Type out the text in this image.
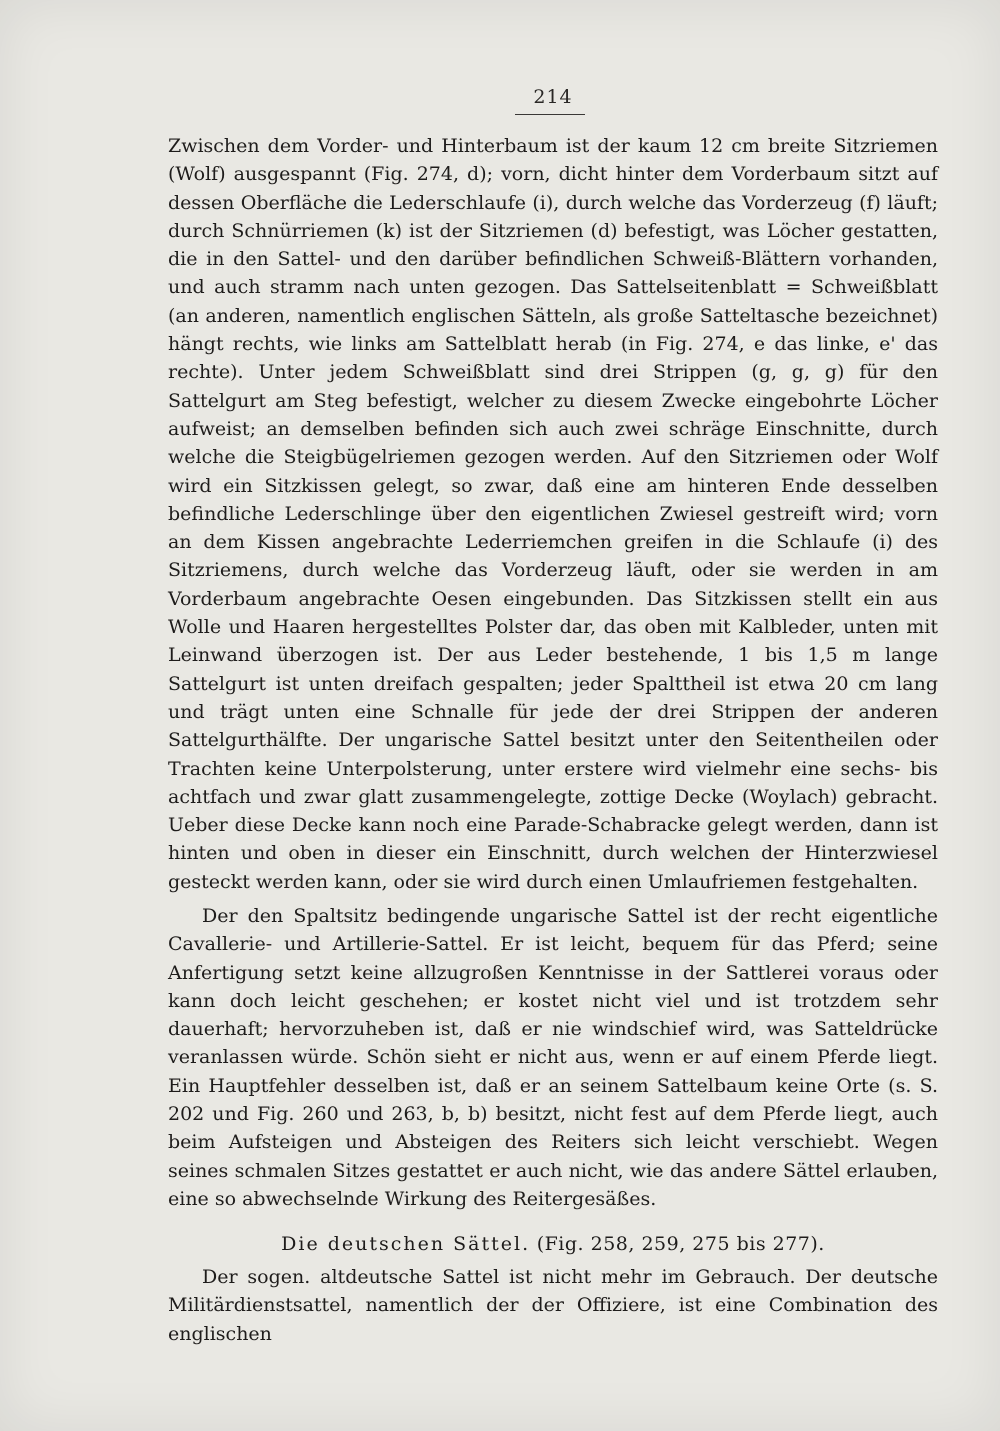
214

Zwischen dem Vorder- und Hinterbaum ist der kaum 12 cm breite Sitzriemen (Wolf) ausgespannt (Fig. 274, d); vorn, dicht hinter dem Vorderbaum sitzt auf dessen Oberfläche die Lederschlaufe (i), durch welche das Vorderzeug (f) läuft; durch Schnürriemen (k) ist der Sitzriemen (d) befestigt, was Löcher gestatten, die in den Sattel- und den darüber befindlichen Schweiß-Blättern vorhanden, und auch stramm nach unten gezogen. Das Sattelseitenblatt = Schweißblatt (an anderen, namentlich englischen Sätteln, als große Satteltasche bezeichnet) hängt rechts, wie links am Sattelblatt herab (in Fig. 274, e das linke, e' das rechte). Unter jedem Schweißblatt sind drei Strippen (g, g, g) für den Sattelgurt am Steg befestigt, welcher zu diesem Zwecke eingebohrte Löcher aufweist; an demselben befinden sich auch zwei schräge Einschnitte, durch welche die Steigbügelriemen gezogen werden. Auf den Sitzriemen oder Wolf wird ein Sitzkissen gelegt, so zwar, daß eine am hinteren Ende desselben befindliche Lederschlinge über den eigentlichen Zwiesel gestreift wird; vorn an dem Kissen angebrachte Lederriemchen greifen in die Schlaufe (i) des Sitzriemens, durch welche das Vorderzeug läuft, oder sie werden in am Vorderbaum angebrachte Oesen eingebunden. Das Sitzkissen stellt ein aus Wolle und Haaren hergestelltes Polster dar, das oben mit Kalbleder, unten mit Leinwand überzogen ist. Der aus Leder bestehende, 1 bis 1,5 m lange Sattelgurt ist unten dreifach gespalten; jeder Spalttheil ist etwa 20 cm lang und trägt unten eine Schnalle für jede der drei Strippen der anderen Sattelgurthälfte. Der ungarische Sattel besitzt unter den Seitentheilen oder Trachten keine Unterpolsterung, unter erstere wird vielmehr eine sechs- bis achtfach und zwar glatt zusammengelegte, zottige Decke (Woylach) gebracht. Ueber diese Decke kann noch eine Parade-Schabracke gelegt werden, dann ist hinten und oben in dieser ein Einschnitt, durch welchen der Hinterzwiesel gesteckt werden kann, oder sie wird durch einen Umlaufriemen festgehalten.

Der den Spaltsitz bedingende ungarische Sattel ist der recht eigentliche Cavallerie- und Artillerie-Sattel. Er ist leicht, bequem für das Pferd; seine Anfertigung setzt keine allzugroßen Kenntnisse in der Sattlerei voraus oder kann doch leicht geschehen; er kostet nicht viel und ist trotzdem sehr dauerhaft; hervorzuheben ist, daß er nie windschief wird, was Satteldrücke veranlassen würde. Schön sieht er nicht aus, wenn er auf einem Pferde liegt. Ein Hauptfehler desselben ist, daß er an seinem Sattelbaum keine Orte (s. S. 202 und Fig. 260 und 263, b, b) besitzt, nicht fest auf dem Pferde liegt, auch beim Aufsteigen und Absteigen des Reiters sich leicht verschiebt. Wegen seines schmalen Sitzes gestattet er auch nicht, wie das andere Sättel erlauben, eine so abwechselnde Wirkung des Reitergesäßes.

Die deutschen Sättel. (Fig. 258, 259, 275 bis 277).

Der sogen. altdeutsche Sattel ist nicht mehr im Gebrauch. Der deutsche Militärdienstsattel, namentlich der der Offiziere, ist eine Combination des englischen
